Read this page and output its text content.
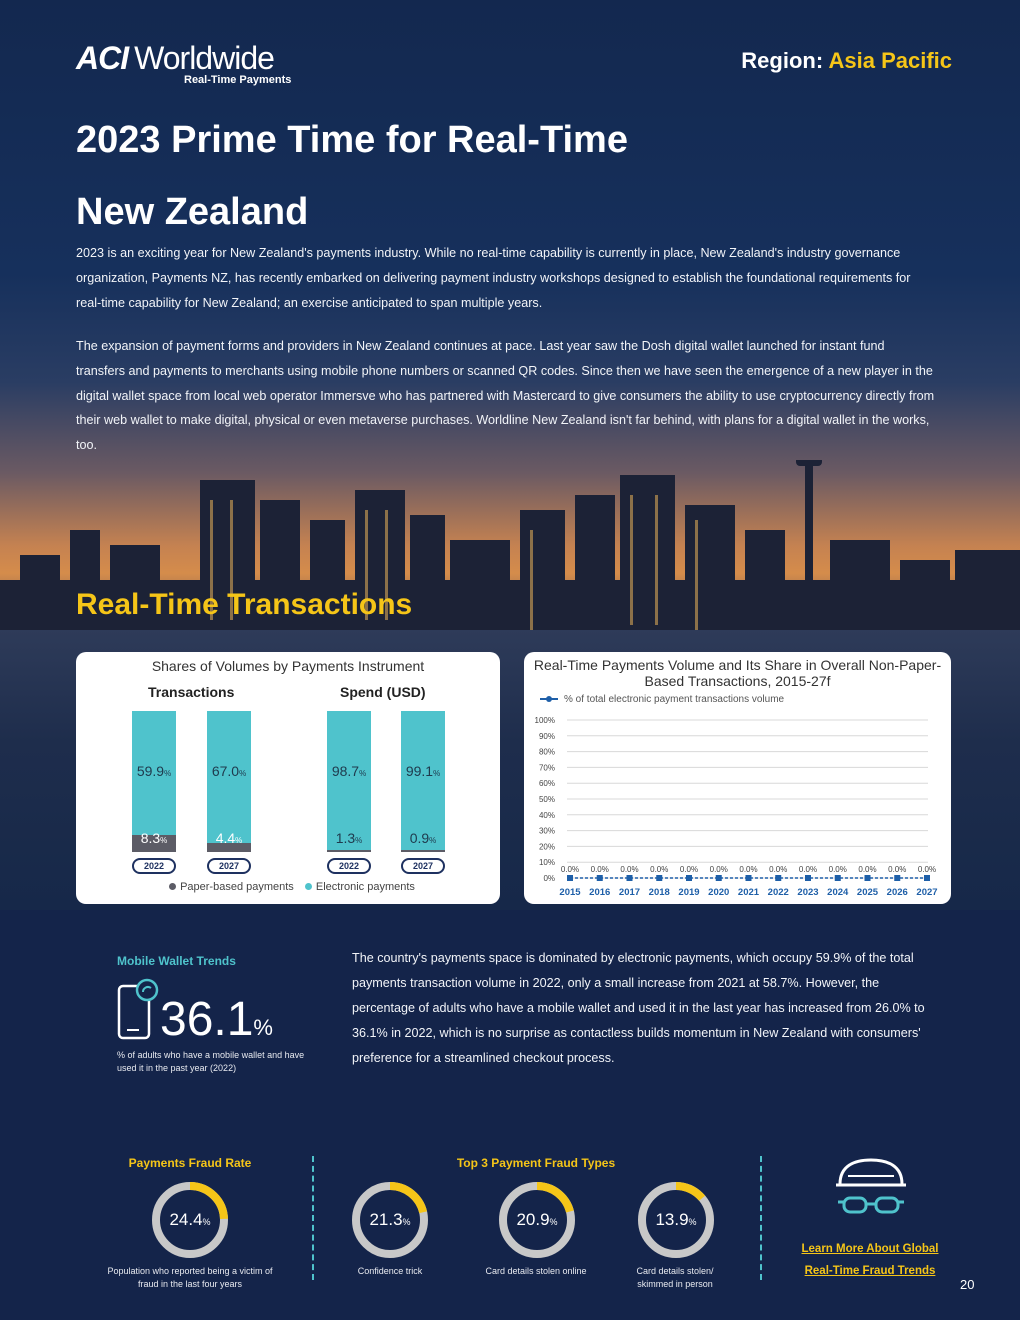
ACI Worldwide
Real-Time Payments
Region: Asia Pacific
2023 Prime Time for Real-Time
New Zealand
2023 is an exciting year for New Zealand's payments industry. While no real-time capability is currently in place, New Zealand's industry governance organization, Payments NZ, has recently embarked on delivering payment industry workshops designed to establish the foundational requirements for real-time capability for New Zealand; an exercise anticipated to span multiple years.
The expansion of payment forms and providers in New Zealand continues at pace. Last year saw the Dosh digital wallet launched for instant fund transfers and payments to merchants using mobile phone numbers or scanned QR codes. Since then we have seen the emergence of a new player in the digital wallet space from local web operator Immersve who has partnered with Mastercard to give consumers the ability to use cryptocurrency directly from their web wallet to make digital, physical or even metaverse purchases. Worldline New Zealand isn't far behind, with plans for a digital wallet in the works, too.
Real-Time Transactions
Shares of Volumes by Payments Instrument
Transactions	Spend (USD)
59.9%
8.3%
2022
67.0%
4.4%
2027
98.7%
1.3%
2022
99.1%
0.9%
2027
Paper-based payments Electronic payments
0%
10%
20%
30%
40%
50%
60%
70%
80%
90%
100%
0.0%
2015
0.0%
2016
0.0%
2017
0.0%
2018
0.0%
2019
0.0%
2020
0.0%
2021
0.0%
2022
0.0%
2023
0.0%
2024
0.0%
2025
0.0%
2026
0.0%
2027
Real-Time Payments Volume and Its Share in Overall Non-Paper-Based Transactions, 2015-27f
% of total electronic payment transactions volume
Mobile Wallet Trends
36.1%
% of adults who have a mobile wallet and have used it in the past year (2022)
The country's payments space is dominated by electronic payments, which occupy 59.9% of the total payments transaction volume in 2022, only a small increase from 2021 at 58.7%. However, the percentage of adults who have a mobile wallet and used it in the last year has increased from 26.0% to 36.1% in 2022, which is no surprise as contactless builds momentum in New Zealand with consumers' preference for a streamlined checkout process.
Payments Fraud Rate	Top 3 Payment Fraud Types
24.4%	21.3%	20.9%	13.9%
Population who reported being a victim of fraud in the last four years
Confidence trick	Card details stolen online	Card details stolen/ skimmed in person
Learn More About Global
Real-Time Fraud Trends
20
